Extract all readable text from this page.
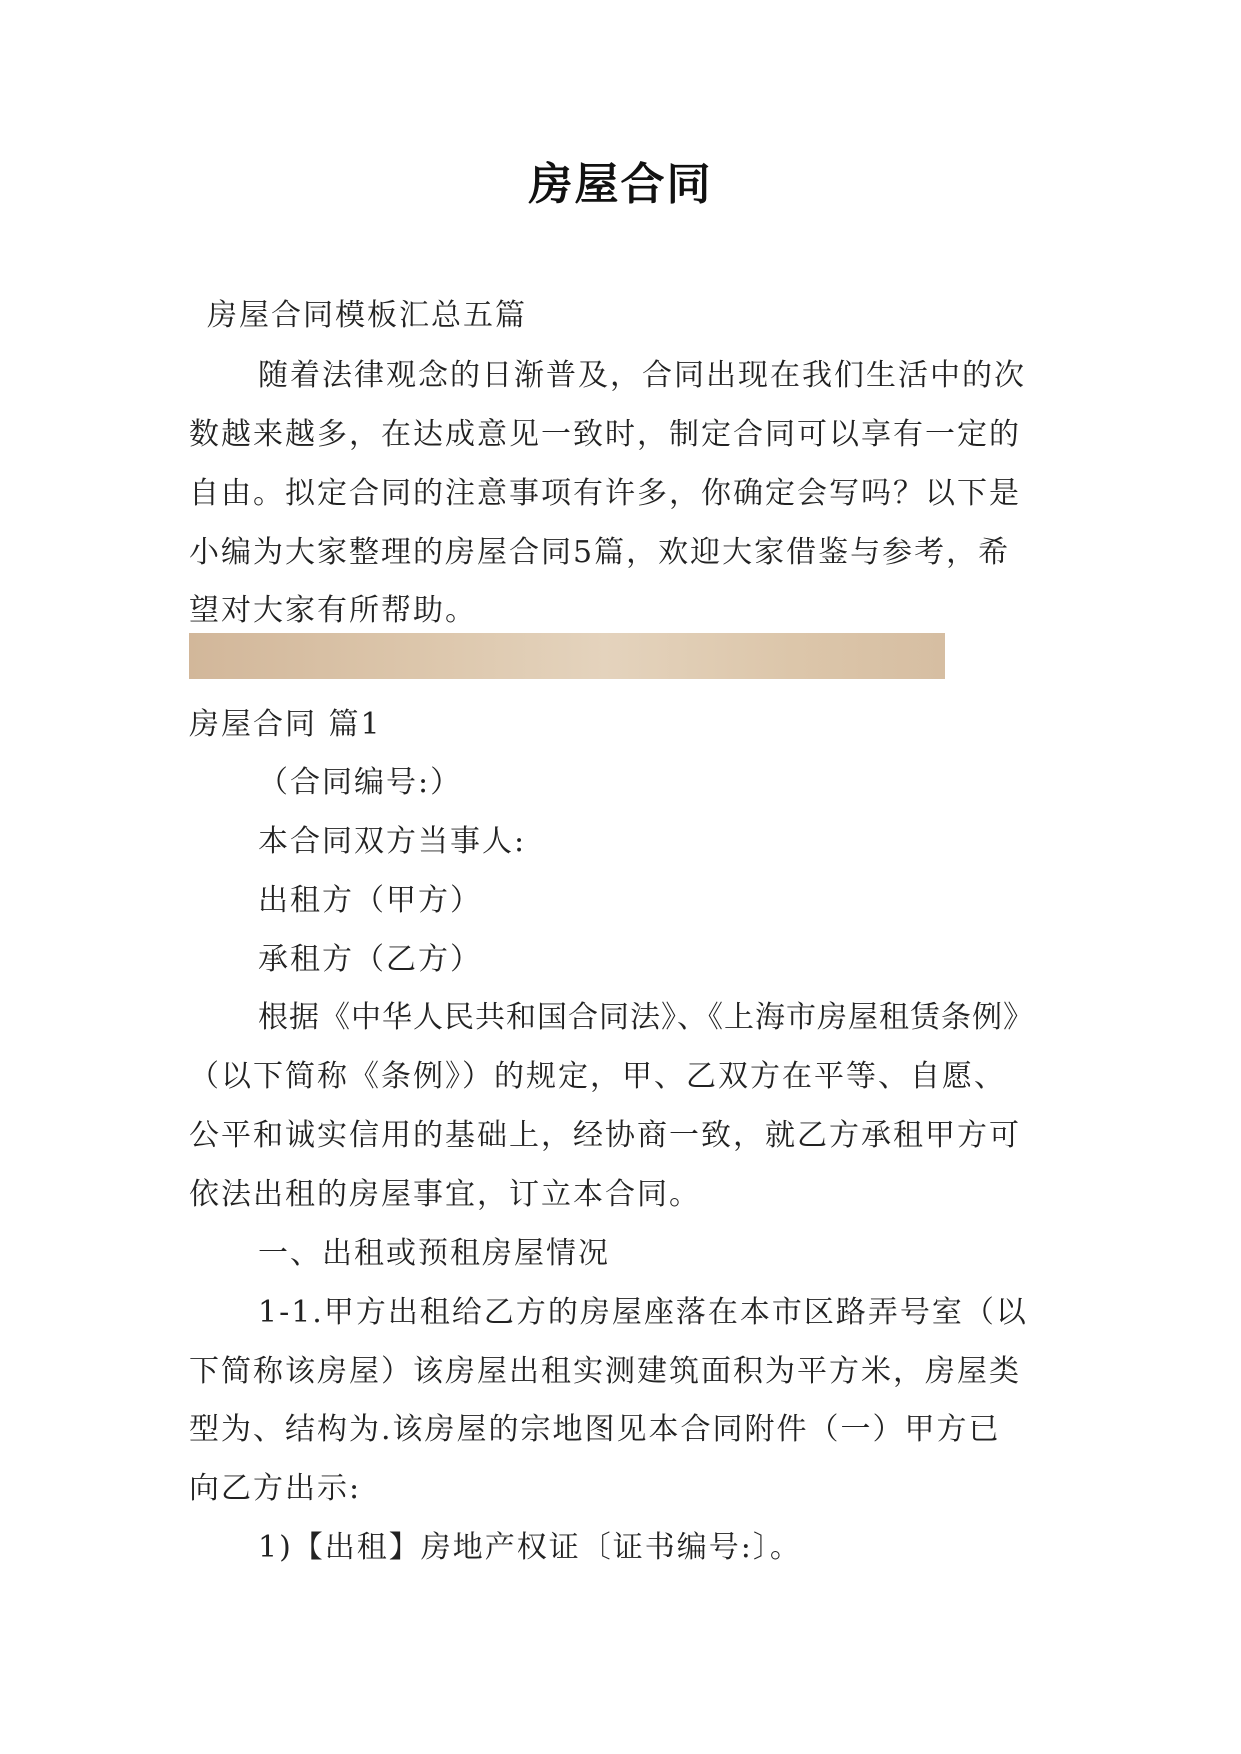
房屋合同
房屋合同模板汇总五篇
随着法律观念的日渐普及，合同出现在我们生活中的次
数越来越多，在达成意见一致时，制定合同可以享有一定的
自由。拟定合同的注意事项有许多，你确定会写吗？以下是
小编为大家整理的房屋合同5篇，欢迎大家借鉴与参考，希
望对大家有所帮助。
房屋合同 篇1
（合同编号:）
本合同双方当事人:
出租方（甲方）
承租方（乙方）
根据《中华人民共和国合同法》、《上海市房屋租赁条例》
（以下简称《条例》）的规定，甲、乙双方在平等、自愿、
公平和诚实信用的基础上，经协商一致，就乙方承租甲方可
依法出租的房屋事宜，订立本合同。
一、出租或预租房屋情况
1-1.甲方出租给乙方的房屋座落在本市区路弄号室（以
下简称该房屋）该房屋出租实测建筑面积为平方米，房屋类
型为、结构为.该房屋的宗地图见本合同附件（一）甲方已
向乙方出示:
1)【出租】房地产权证〔证书编号:〕。
